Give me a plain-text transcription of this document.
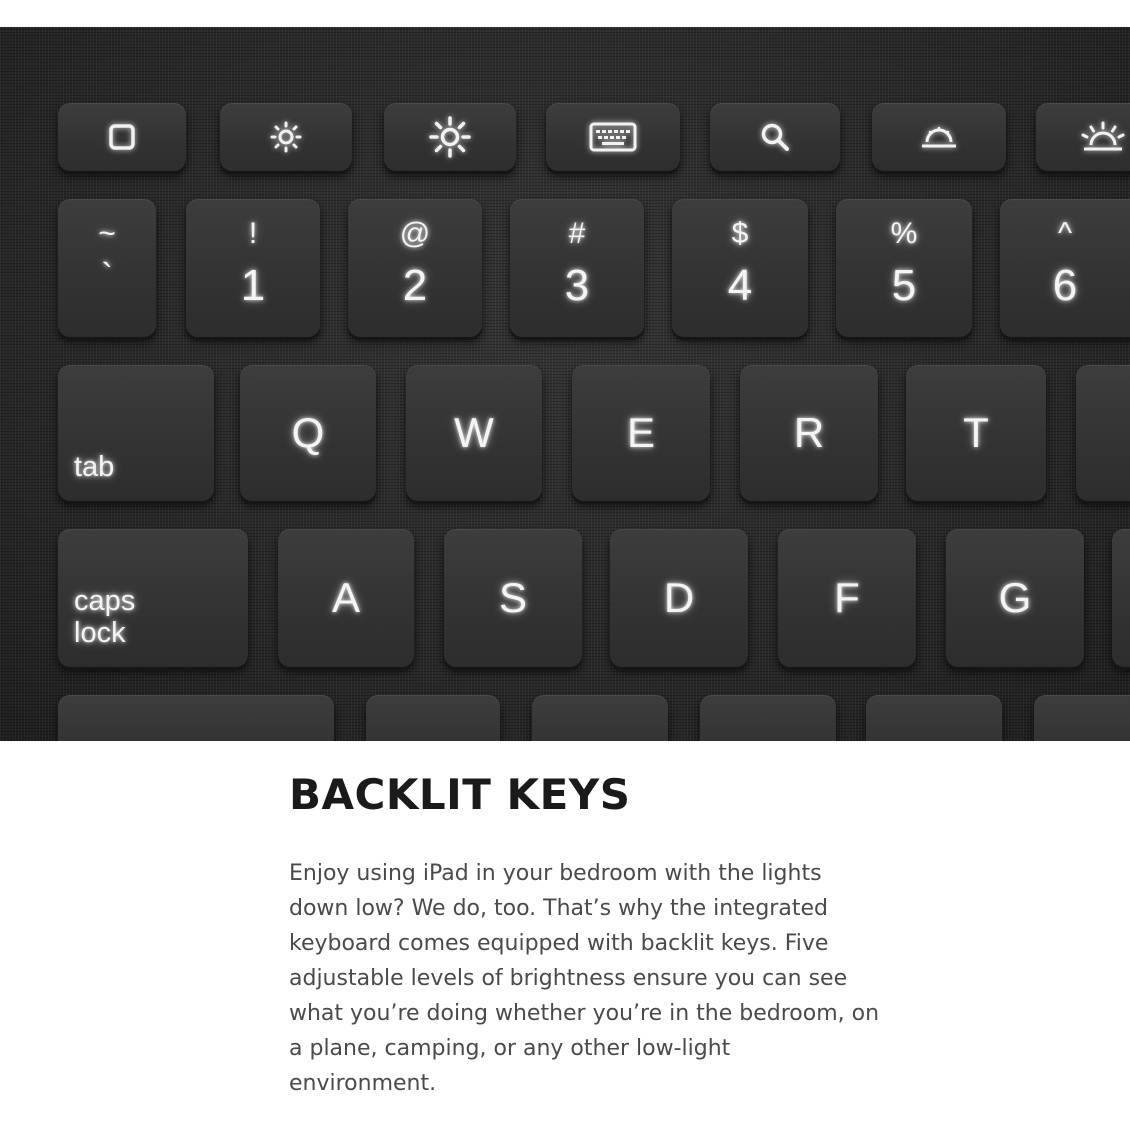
~
`
!
1
@
2
#
3
$
4
%
5
^
6
tab
Q	W	E	R	T
caps
lock
A	S	D	F	G
BACKLIT KEYS

Enjoy using iPad in your bedroom with the lights
down low? We do, too. That’s why the integrated
keyboard comes equipped with backlit keys. Five
adjustable levels of brightness ensure you can see
what you’re doing whether you’re in the bedroom, on
a plane, camping, or any other low-light
environment.
